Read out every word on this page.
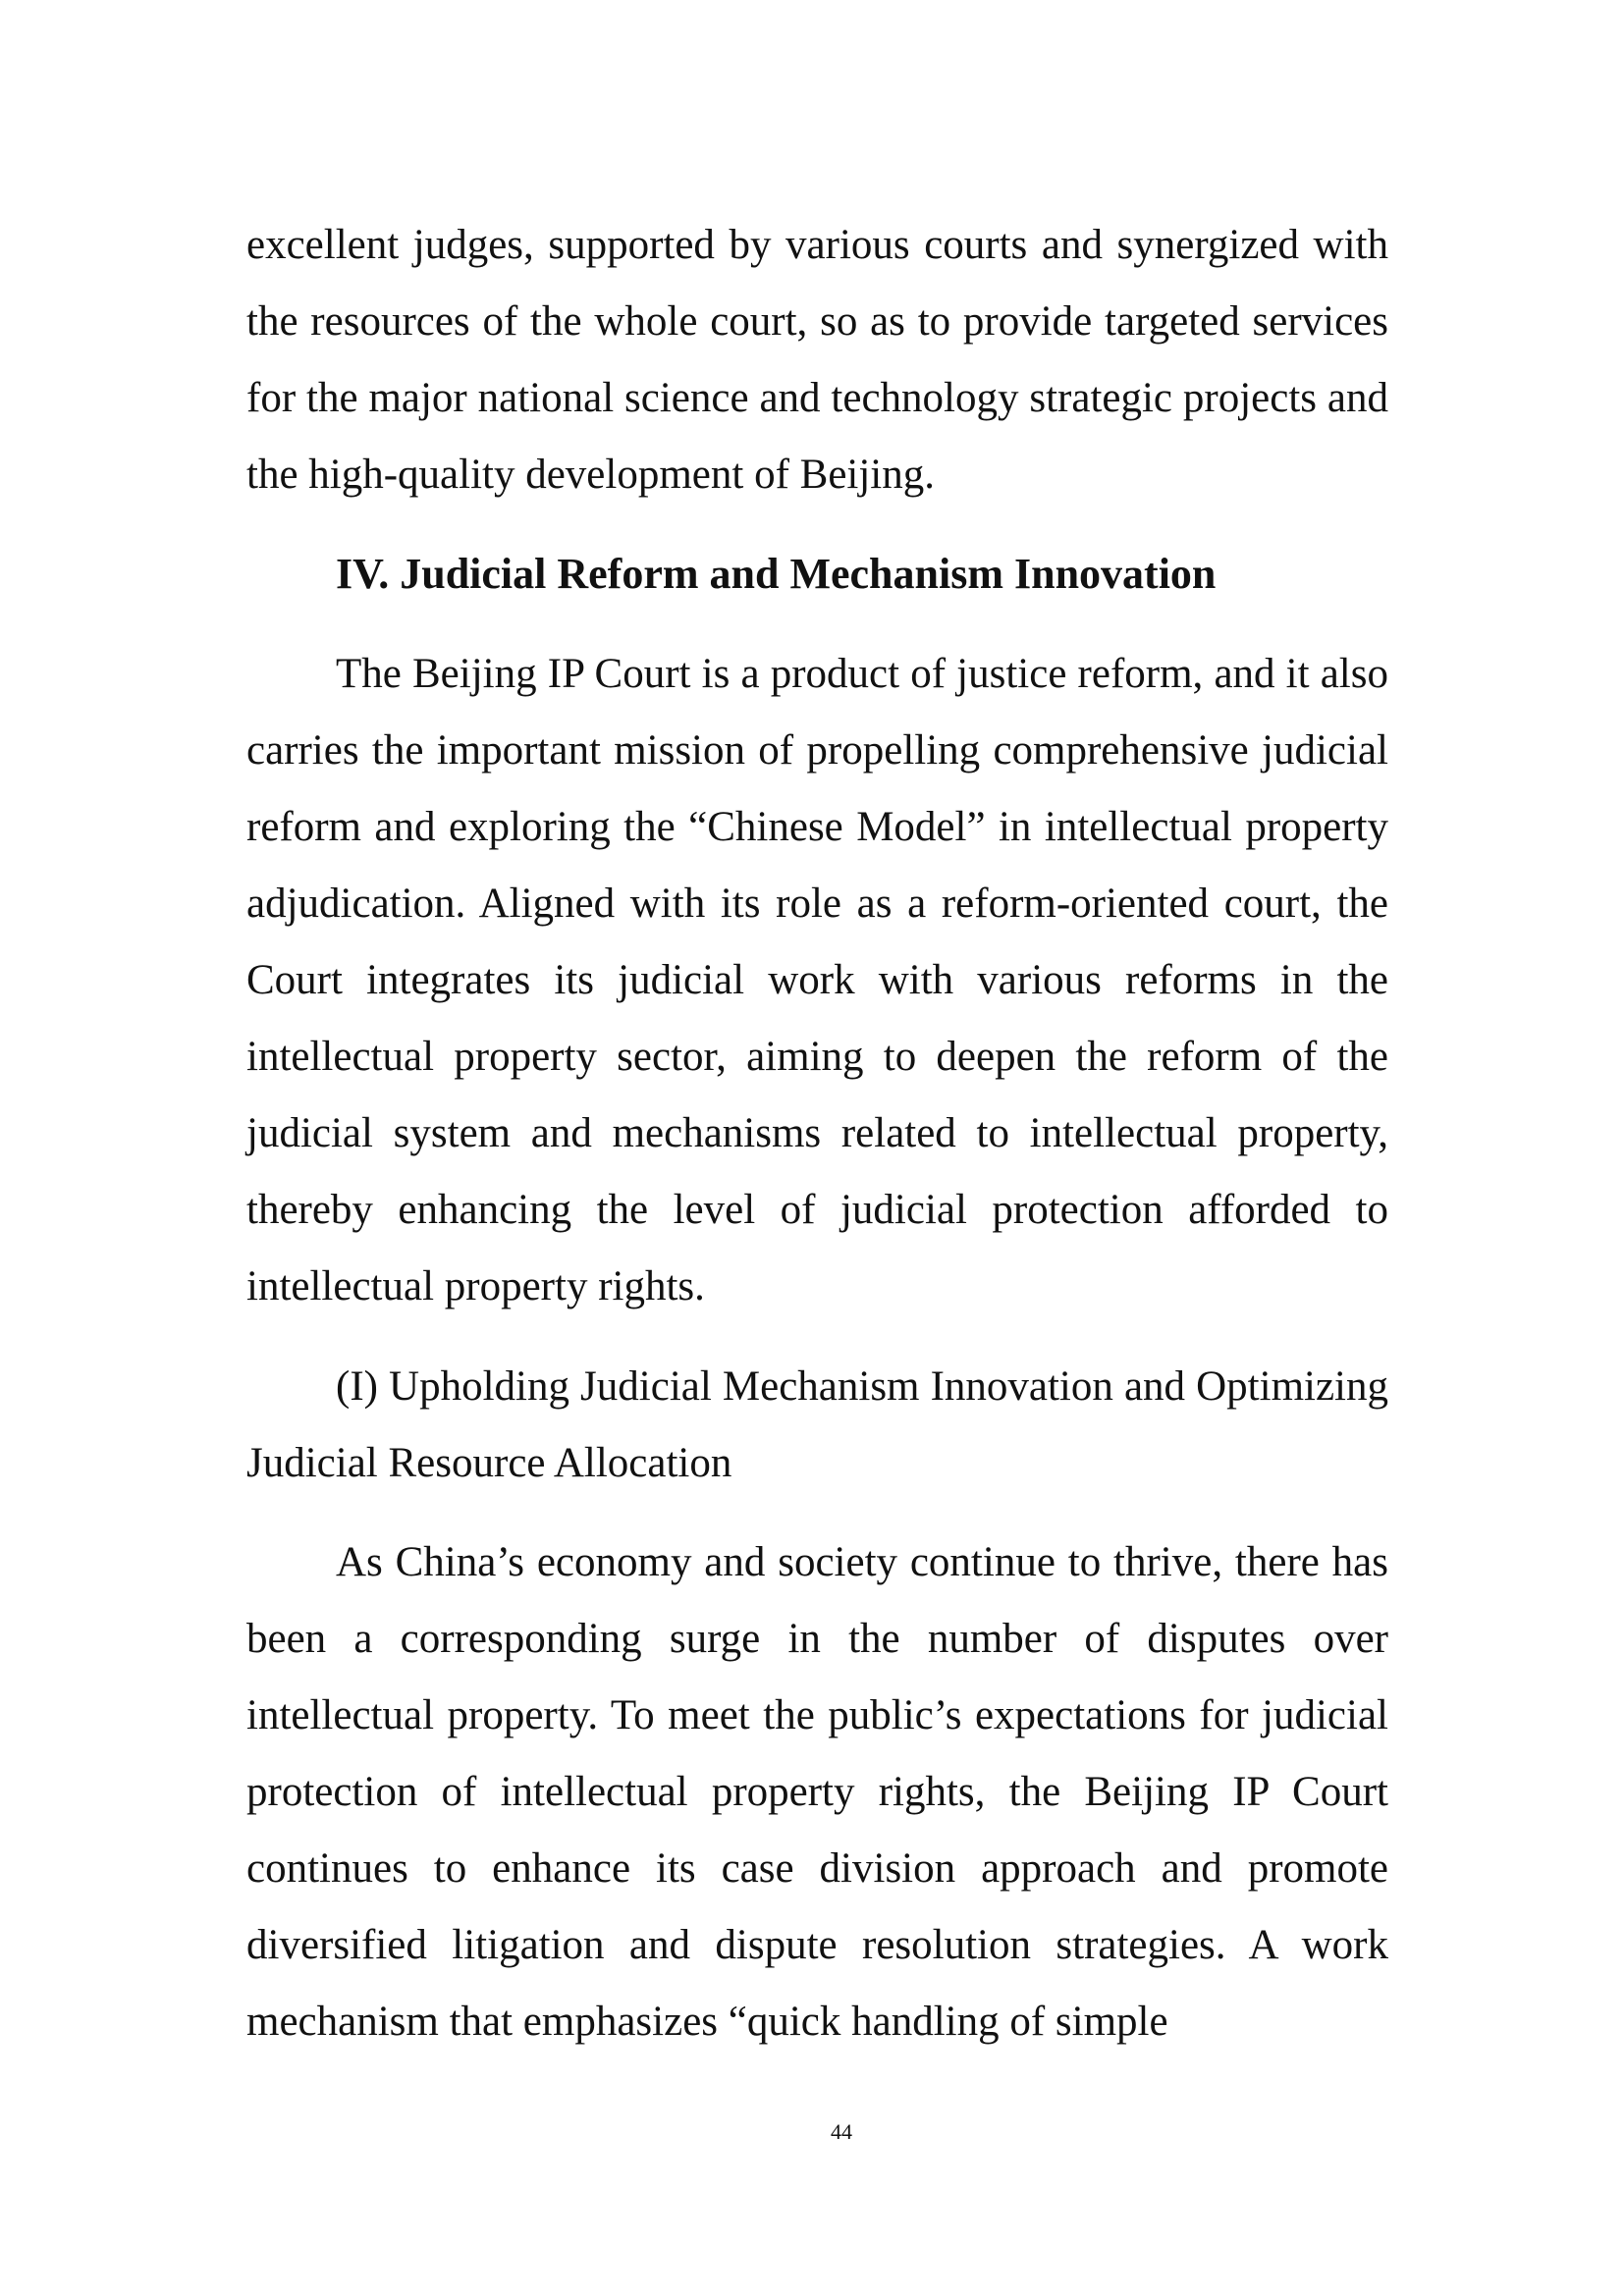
excellent judges, supported by various courts and synergized with the resources of the whole court, so as to provide targeted services for the major national science and technology strategic projects and the high-quality development of Beijing.

IV. Judicial Reform and Mechanism Innovation

The Beijing IP Court is a product of justice reform, and it also carries the important mission of propelling comprehensive judicial reform and exploring the “Chinese Model” in intellectual property adjudication. Aligned with its role as a reform-oriented court, the Court integrates its judicial work with various reforms in the intellectual property sector, aiming to deepen the reform of the judicial system and mechanisms related to intellectual property, thereby enhancing the level of judicial protection afforded to intellectual property rights.

(I) Upholding Judicial Mechanism Innovation and Optimizing Judicial Resource Allocation

As China’s economy and society continue to thrive, there has been a corresponding surge in the number of disputes over intellectual property. To meet the public’s expectations for judicial protection of intellectual property rights, the Beijing IP Court continues to enhance its case division approach and promote diversified litigation and dispute resolution strategies. A work mechanism that emphasizes “quick handling of simple

44
